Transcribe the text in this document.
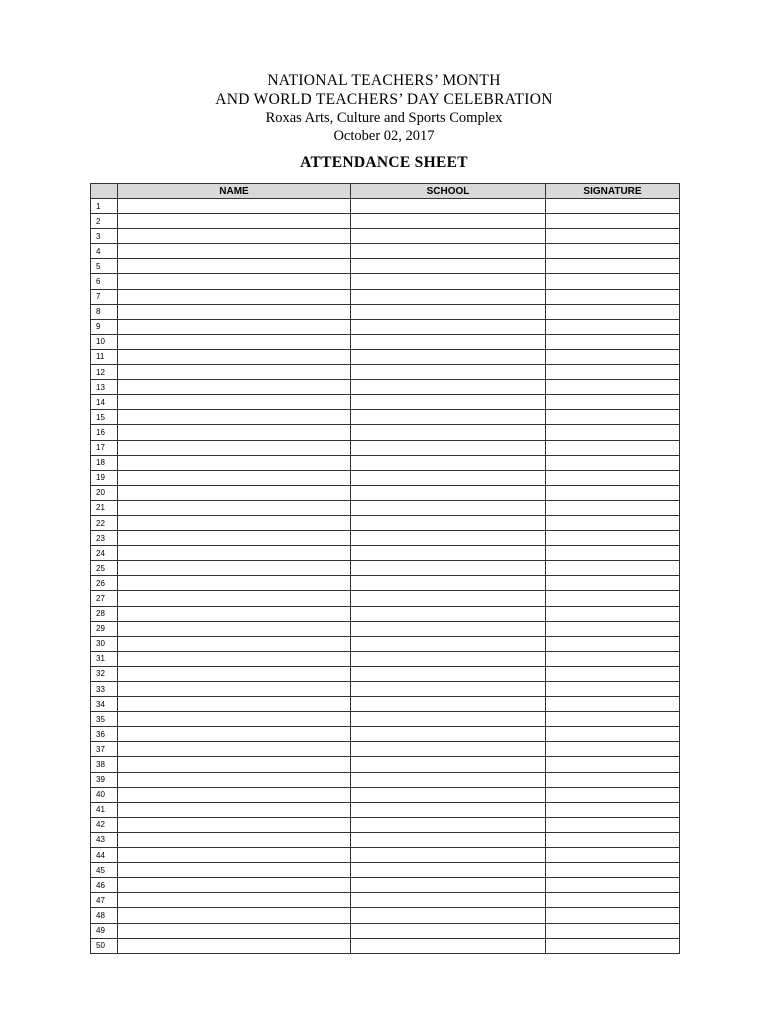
NATIONAL TEACHERS’ MONTH

AND WORLD TEACHERS’ DAY CELEBRATION

Roxas Arts, Culture and Sports Complex

October 02, 2017

ATTENDANCE SHEET

	NAME	SCHOOL	SIGNATURE
1			
2			
3			
4			
5			
6			
7			
8			
9			
10			
11			
12			
13			
14			
15			
16			
17			
18			
19			
20			
21			
22			
23			
24			
25			
26			
27			
28			
29			
30			
31			
32			
33			
34			
35			
36			
37			
38			
39			
40			
41			
42			
43			
44			
45			
46			
47			
48			
49			
50			
